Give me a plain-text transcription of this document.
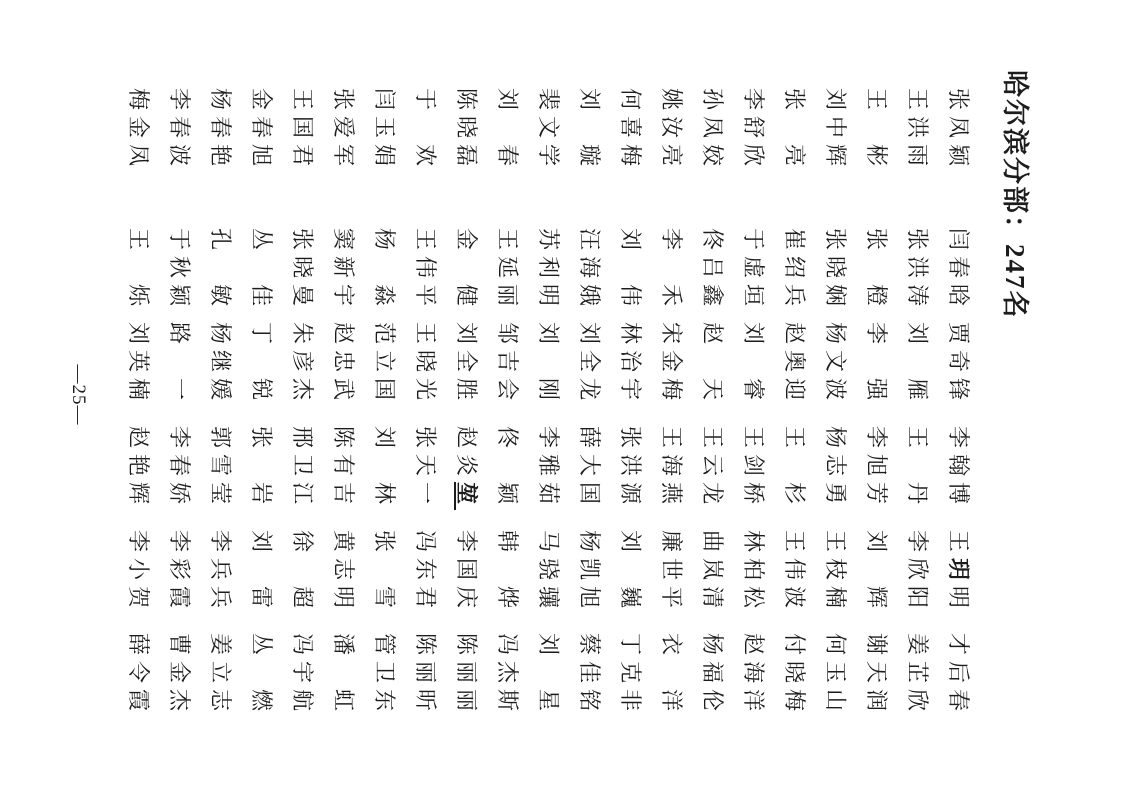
哈尔滨分部：247名
张凤颖
闫春晗
贾奇锋
李翰博
王玥明
才后春
王洪雨
张洪涛
刘　雁
王　丹
李欣阳
姜芷欣
王　彬
张　橙
李　强
李旭芳
刘　辉
谢天润
刘中辉
张晓娴
杨文波
杨志勇
王枝楠
何玉山
张　亮
崔绍兵
赵奥迎
王　杉
王伟波
付晓梅
李舒欣
于虚垣
刘　睿
王剑桥
林柏松
赵海洋
孙凤姣
佟吕鑫
赵　天
王云龙
曲岚清
杨福伦
姚汝亮
李　禾
宋金梅
王海燕
廉世平
衣　洋
何喜梅
刘　伟
林治宇
张洪源
刘　巍
丁克非
刘　璇
汪海娥
刘全龙
薛大国
杨凯旭
蔡佳铭
裴文学
苏利明
刘　刚
李雅茹
马骁骧
刘　星
刘　春
王延丽
邹吉会
佟　颖
韩　烨
冯杰斯
陈晓磊
金　健
刘全胜
赵炎堃
李国庆
陈丽丽
于　欢
王伟平
王晓光
张天一
冯东君
陈丽昕
闫玉娟
杨　淼
范立国
刘　林
张　雪
管卫东
张爱军
窦新宇
赵忠武
陈有吉
黄志明
潘　虹
王国君
张晓曼
朱彦杰
邢卫江
徐　超
冯宇航
金春旭
丛　佳
丁　锐
张　岩
刘　雷
丛　燃
杨春艳
孔　敏
杨继媛
郭雪莹
李兵兵
姜立志
李春波
于秋颖
路　一
李春娇
李彩霞
曹金杰
梅金凤
王　烁
刘英楠
赵艳辉
李小贺
薛令霞
—25—
